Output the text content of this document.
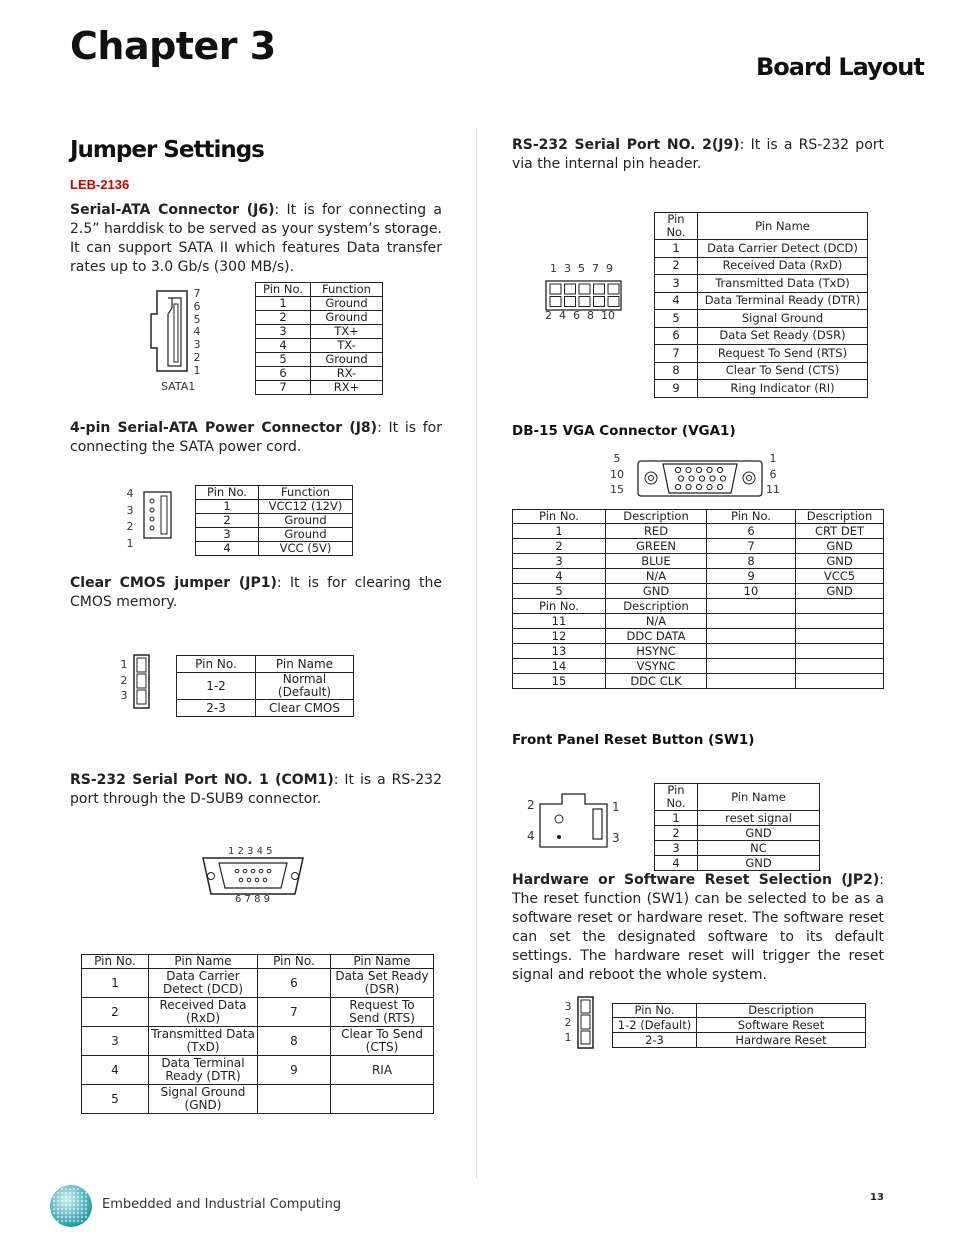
Chapter 3	Board Layout
Jumper Settings
LEB-2136
Serial-ATA Connector (J6): It is for connecting a 2.5” harddisk to be served as your system’s storage. It can support SATA II which features Data transfer rates up to 3.0 Gb/s (300 MB/s).
7
6
5
4
3
2
1
SATA1
Pin No.	Function
1	Ground
2	Ground
3	TX+
4	TX-
5	Ground
6	RX-
7	RX+
4-pin Serial-ATA Power Connector (J8): It is for connecting the SATA power cord.
4
3
2
1
Pin No.	Function
1	VCC12 (12V)
2	Ground
3	Ground
4	VCC (5V)
Clear CMOS jumper (JP1): It is for clearing the CMOS memory.
1
2
3
Pin No.	Pin Name
1-2	Normal (Default)
2-3	Clear CMOS
RS-232 Serial Port NO. 1 (COM1): It is a RS-232 port through the D-SUB9 connector.
1 2 3 4 5
6 7 8 9
Pin No.	Pin Name	Pin No.	Pin Name
1	Data Carrier Detect (DCD)	6	Data Set Ready (DSR)
2	Received Data (RxD)	7	Request To Send (RTS)
3	Transmitted Data (TxD)	8	Clear To Send (CTS)
4	Data Terminal Ready (DTR)	9	RIA
5	Signal Ground (GND)		
RS-232 Serial Port NO. 2(J9): It is a RS-232 port via the internal pin header.
1  3  5  7  9
2  4  6  8  10
Pin No.	Pin Name
1	Data Carrier Detect (DCD)
2	Received Data (RxD)
3	Transmitted Data (TxD)
4	Data Terminal Ready (DTR)
5	Signal Ground
6	Data Set Ready (DSR)
7	Request To Send (RTS)
8	Clear To Send (CTS)
9	Ring Indicator (RI)
DB-15 VGA Connector (VGA1)
5
10
15
1
6
11
Pin No.	Description	Pin No.	Description
1	RED	6	CRT DET
2	GREEN	7	GND
3	BLUE	8	GND
4	N/A	9	VCC5
5	GND	10	GND
Pin No.	Description		
11	N/A		
12	DDC DATA		
13	HSYNC		
14	VSYNC		
15	DDC CLK		
Front Panel Reset Button (SW1)
2	1
4	3
Pin No.	Pin Name
1	reset signal
2	GND
3	NC
4	GND
Hardware or Software Reset Selection (JP2): The reset function (SW1) can be selected to be as a software reset or hardware reset. The software reset can set the designated software to its default settings. The hardware reset will trigger the reset signal and reboot the whole system.
3
2
1
Pin No.	Description
1-2 (Default)	Software Reset
2-3	Hardware Reset
Embedded and Industrial Computing	13
